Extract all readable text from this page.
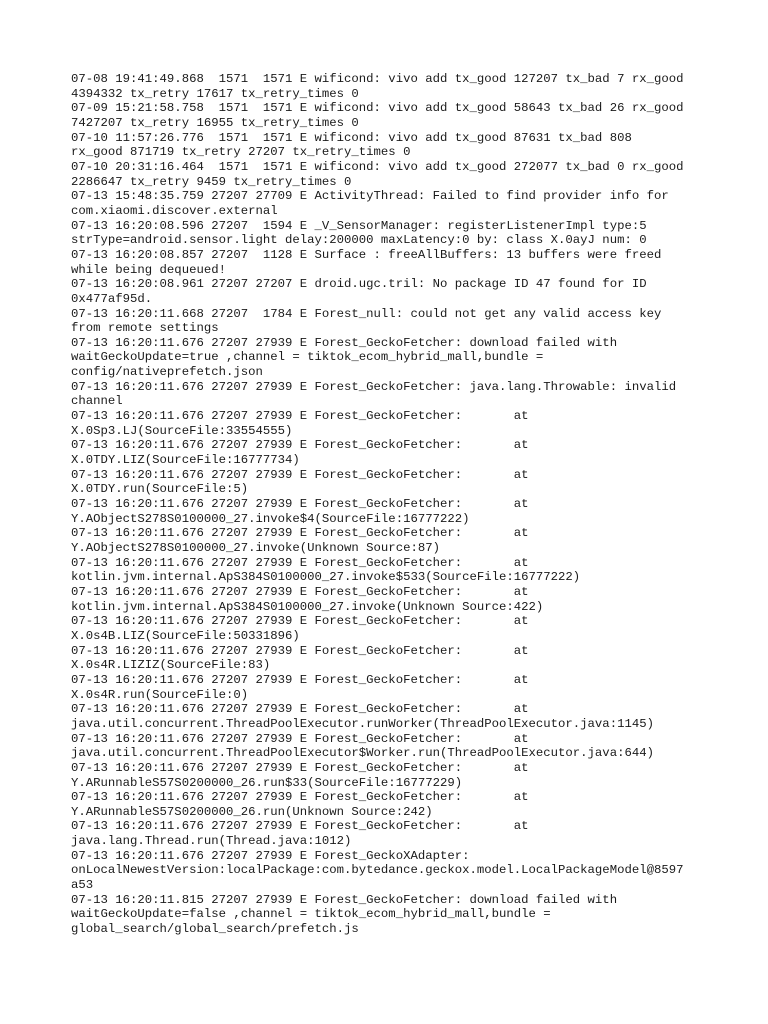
07-08 19:41:49.868  1571  1571 E wificond: vivo add tx_good 127207 tx_bad 7 rx_good
4394332 tx_retry 17617 tx_retry_times 0
07-09 15:21:58.758  1571  1571 E wificond: vivo add tx_good 58643 tx_bad 26 rx_good
7427207 tx_retry 16955 tx_retry_times 0
07-10 11:57:26.776  1571  1571 E wificond: vivo add tx_good 87631 tx_bad 808
rx_good 871719 tx_retry 27207 tx_retry_times 0
07-10 20:31:16.464  1571  1571 E wificond: vivo add tx_good 272077 tx_bad 0 rx_good
2286647 tx_retry 9459 tx_retry_times 0
07-13 15:48:35.759 27207 27709 E ActivityThread: Failed to find provider info for
com.xiaomi.discover.external
07-13 16:20:08.596 27207  1594 E _V_SensorManager: registerListenerImpl type:5
strType=android.sensor.light delay:200000 maxLatency:0 by: class X.0ayJ num: 0
07-13 16:20:08.857 27207  1128 E Surface : freeAllBuffers: 13 buffers were freed
while being dequeued!
07-13 16:20:08.961 27207 27207 E droid.ugc.tril: No package ID 47 found for ID
0x477af95d.
07-13 16:20:11.668 27207  1784 E Forest_null: could not get any valid access key
from remote settings
07-13 16:20:11.676 27207 27939 E Forest_GeckoFetcher: download failed with
waitGeckoUpdate=true ,channel = tiktok_ecom_hybrid_mall,bundle =
config/nativeprefetch.json
07-13 16:20:11.676 27207 27939 E Forest_GeckoFetcher: java.lang.Throwable: invalid
channel
07-13 16:20:11.676 27207 27939 E Forest_GeckoFetcher:       at
X.0Sp3.LJ(SourceFile:33554555)
07-13 16:20:11.676 27207 27939 E Forest_GeckoFetcher:       at
X.0TDY.LIZ(SourceFile:16777734)
07-13 16:20:11.676 27207 27939 E Forest_GeckoFetcher:       at
X.0TDY.run(SourceFile:5)
07-13 16:20:11.676 27207 27939 E Forest_GeckoFetcher:       at
Y.AObjectS278S0100000_27.invoke$4(SourceFile:16777222)
07-13 16:20:11.676 27207 27939 E Forest_GeckoFetcher:       at
Y.AObjectS278S0100000_27.invoke(Unknown Source:87)
07-13 16:20:11.676 27207 27939 E Forest_GeckoFetcher:       at
kotlin.jvm.internal.ApS384S0100000_27.invoke$533(SourceFile:16777222)
07-13 16:20:11.676 27207 27939 E Forest_GeckoFetcher:       at
kotlin.jvm.internal.ApS384S0100000_27.invoke(Unknown Source:422)
07-13 16:20:11.676 27207 27939 E Forest_GeckoFetcher:       at
X.0s4B.LIZ(SourceFile:50331896)
07-13 16:20:11.676 27207 27939 E Forest_GeckoFetcher:       at
X.0s4R.LIZIZ(SourceFile:83)
07-13 16:20:11.676 27207 27939 E Forest_GeckoFetcher:       at
X.0s4R.run(SourceFile:0)
07-13 16:20:11.676 27207 27939 E Forest_GeckoFetcher:       at
java.util.concurrent.ThreadPoolExecutor.runWorker(ThreadPoolExecutor.java:1145)
07-13 16:20:11.676 27207 27939 E Forest_GeckoFetcher:       at
java.util.concurrent.ThreadPoolExecutor$Worker.run(ThreadPoolExecutor.java:644)
07-13 16:20:11.676 27207 27939 E Forest_GeckoFetcher:       at
Y.ARunnableS57S0200000_26.run$33(SourceFile:16777229)
07-13 16:20:11.676 27207 27939 E Forest_GeckoFetcher:       at
Y.ARunnableS57S0200000_26.run(Unknown Source:242)
07-13 16:20:11.676 27207 27939 E Forest_GeckoFetcher:       at
java.lang.Thread.run(Thread.java:1012)
07-13 16:20:11.676 27207 27939 E Forest_GeckoXAdapter:
onLocalNewestVersion:localPackage:com.bytedance.geckox.model.LocalPackageModel@8597
a53
07-13 16:20:11.815 27207 27939 E Forest_GeckoFetcher: download failed with
waitGeckoUpdate=false ,channel = tiktok_ecom_hybrid_mall,bundle =
global_search/global_search/prefetch.js
